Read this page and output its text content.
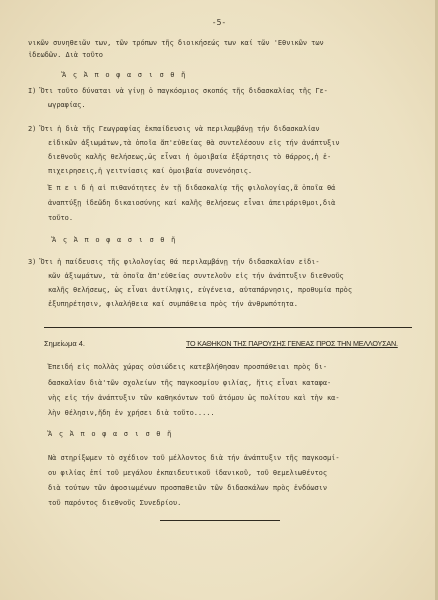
-5-
νικῶν συνηθειῶν των, τῶν τρόπων τῆς διοικήσεώς των καί τῶν 'Εθνικῶν των
ἰδεωδῶν. Διὰ τοῦτο
Ἄ ς Ἀ π ο φ α σ ι σ θ ῆ
I) Ὅτι τοῦτο δύναται νὰ γίνῃ ὁ παγκόσμιος σκοπός τῆς διδασκαλίας τῆς Γε-
ωγραφίας.
2) Ὅτι ἡ διὰ τῆς Γεωγραφίας ἐκπαίδευσις νὰ περιλαμβάνῃ τήν διδασκαλίαν
εἰδικῶν ἀξιωμάτων,τὰ ὁποῖα ἄπ'εὐθείας θὰ συντελέσουν εἰς τήν ἀνάπτυξιν
διεθνοῦς καλῆς θελήσεως,ὡς εἶναι ἡ ὁμοιβαία ἐξάρτησις τὸ θάρρος,ἡ ἐ-
πιχειρησεις,ἡ γειτνίασις καί ὁμοιβαία συνενόησις.
Ἐ π ε ι δ ἡ αἱ πιθανότητες ἐν τῇ διδασκαλίᾳ τῆς φιλολογίας,ἅ ὁποῖα θά
ἀναπτύξῃ ἰδεῶδη δικαιοσύνης καί καλῆς θελήσεως εἶναι ἀπειράριθμοι,διὰ
τοῦτο.
Ἄ ς Ἀ π ο φ α σ ι σ θ ῆ
3) Ὅτι ἡ παίδευσις τῆς φιλολογίας θά περιλαμβάνῃ τήν διδασκαλίαν εἰδι-
κῶν ἀξιωμάτων, τὰ ὁποῖα ἄπ'εὐθείας συντελοῦν εἰς τήν ἀνάπτυξιν διεθνοῦς
καλῆς θελήσεως, ὡς εἶναι ἀντίληψις, εὐγένεια, αὐταπάρνησις, προθυμία πρὸς
ἐξυπηρέτησιν, φιλαλήθεια καί συμπάθεια πρὸς τήν ἀνθρωπότητα.
Σημείωμα 4.	ΤΟ ΚΑΘΗΚΟΝ ΤΗΣ ΠΑΡΟΥΣΗΣ ΓΕΝΕΑΣ ΠΡΟΣ ΤΗΝ ΜΕΛΛΟΥΣΑΝ.
Ἐπειδή εἰς πολλὰς χώρας οὐσιώδεις κατεβλήθησαν προσπάθειαι πρὸς δι-
δασκαλίαν διὰ'τῶν σχολείων τῆς παγκοσμίου φιλίας, ἥτις εἶναι καταφα-
νὴς εἰς τήν ἀνάπτυξιν τῶν καθηκόντων τοῦ ἀτόμου ὡς πολίτου καὶ τὴν κα-
λὴν θέλησιν,ἤδη ἐν χρήσει διὰ τοῦτο.....
Ἄ ς Ἀ π ο φ α σ ι σ θ ῆ
Νὰ στηρίξωμεν τὸ σχέδιον τοῦ μέλλοντος διὰ τήν ἀνάπτυξιν τῆς παγκοσμί-
ου φιλίας ἐπί τοῦ μεγάλου ἐκπαιδευτικοῦ ἰδανικοῦ, τοῦ θεμελιωθέντος
διὰ τούτων τῶν ἀφοσιωμένων προσπαθειῶν τῶν διδασκάλων πρὸς ἐνδόωσιν
τοῦ παρόντος διεθνοῦς Συνεδρίου.
